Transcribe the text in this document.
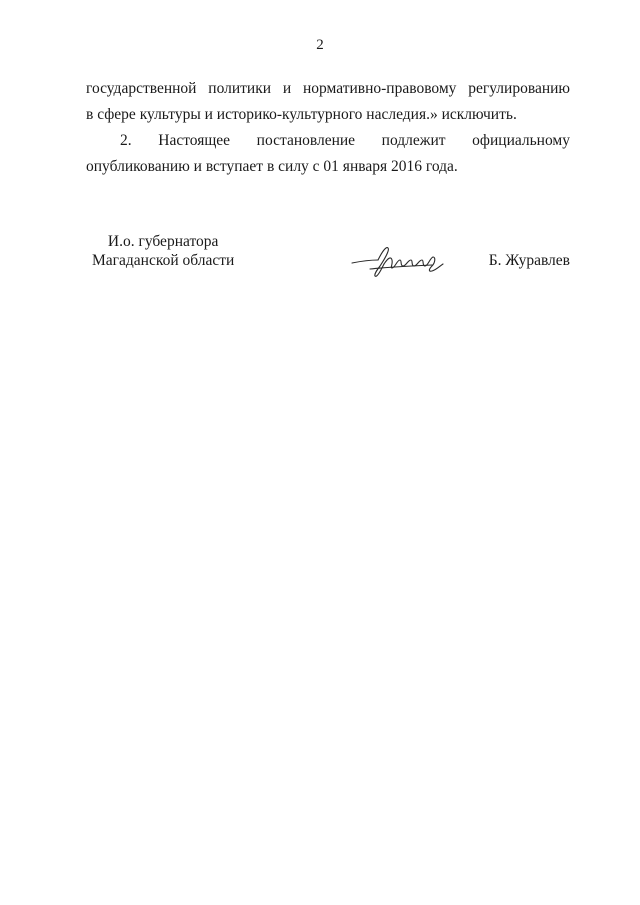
2
государственной политики и нормативно-правовому регулированию
в сфере культуры и историко-культурного наследия.» исключить.
2. Настоящее постановление подлежит официальному
опубликованию и вступает в силу с 01 января 2016 года.
И.о. губернатора
Магаданской области	Б. Журавлев
